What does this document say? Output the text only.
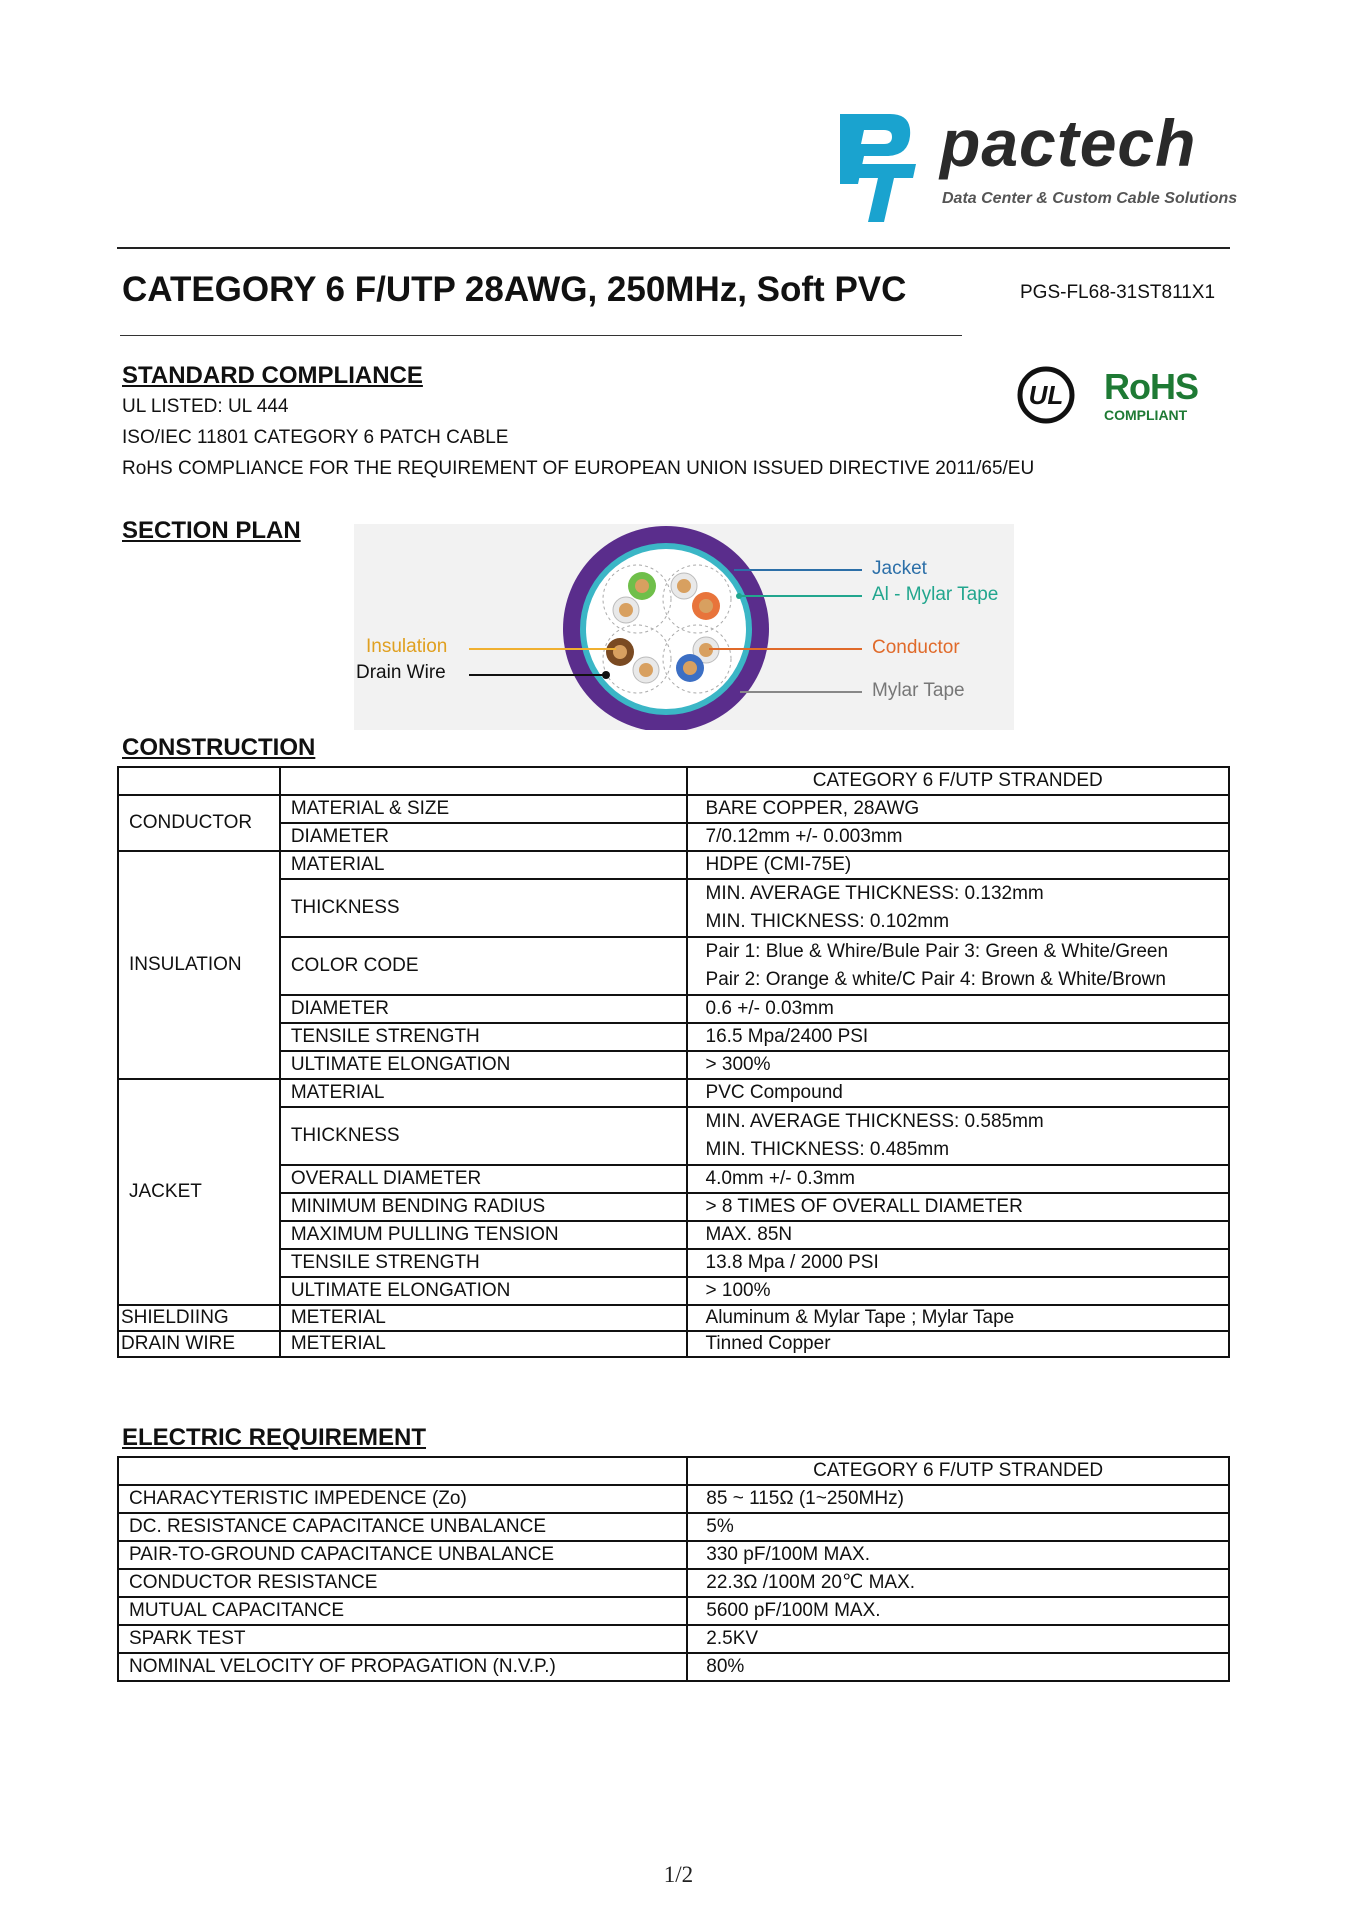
pactech
Data Center & Custom Cable Solutions
CATEGORY 6 F/UTP 28AWG, 250MHz, Soft PVC	PGS-FL68-31ST811X1
STANDARD COMPLIANCE
UL LISTED: UL 444
ISO/IEC 11801 CATEGORY 6 PATCH CABLE
RoHS COMPLIANCE FOR THE REQUIREMENT OF EUROPEAN UNION ISSUED DIRECTIVE 2011/65/EU
UL RoHS
COMPLIANT
SECTION PLAN
Jacket
Al - Mylar Tape
Conductor
Mylar Tape
Insulation
Drain Wire
CONSTRUCTION
		CATEGORY 6 F/UTP STRANDED
CONDUCTOR	MATERIAL & SIZE	BARE COPPER, 28AWG
	DIAMETER	7/0.12mm +/- 0.003mm
INSULATION	MATERIAL	HDPE (CMI-75E)
	THICKNESS	MIN. AVERAGE THICKNESS: 0.132mm
		MIN. THICKNESS: 0.102mm
	COLOR CODE	Pair 1: Blue & Whire/Bulе Pair 3: Green & White/Green
		Pair 2: Orange & white/C Pair 4: Brown & White/Brown
	DIAMETER	0.6 +/- 0.03mm
	TENSILE STRENGTH	16.5 Mpa/2400 PSI
	ULTIMATE ELONGATION	> 300%
JACKET	MATERIAL	PVC Compound
	THICKNESS	MIN. AVERAGE THICKNESS: 0.585mm
		MIN. THICKNESS: 0.485mm
	OVERALL DIAMETER	4.0mm +/- 0.3mm
	MINIMUM BENDING RADIUS	> 8 TIMES OF OVERALL DIAMETER
	MAXIMUM PULLING TENSION	MAX. 85N
	TENSILE STRENGTH	13.8 Mpa / 2000 PSI
	ULTIMATE ELONGATION	> 100%
SHIELDIING	METERIAL	Aluminum & Mylar Tape ; Mylar Tape
DRAIN WIRE	METERIAL	Tinned Copper
ELECTRIC REQUIREMENT
	CATEGORY 6 F/UTP STRANDED
CHARACYTERISTIC IMPEDENCE (Zo)	85 ~ 115Ω (1~250MHz)
DC. RESISTANCE CAPACITANCE UNBALANCE	5%
PAIR-TO-GROUND CAPACITANCE UNBALANCE	330 pF/100M MAX.
CONDUCTOR RESISTANCE	22.3Ω /100M 20℃ MAX.
MUTUAL CAPACITANCE	5600 pF/100M MAX.
SPARK TEST	2.5KV
NOMINAL VELOCITY OF PROPAGATION (N.V.P.)	80%
1/2
